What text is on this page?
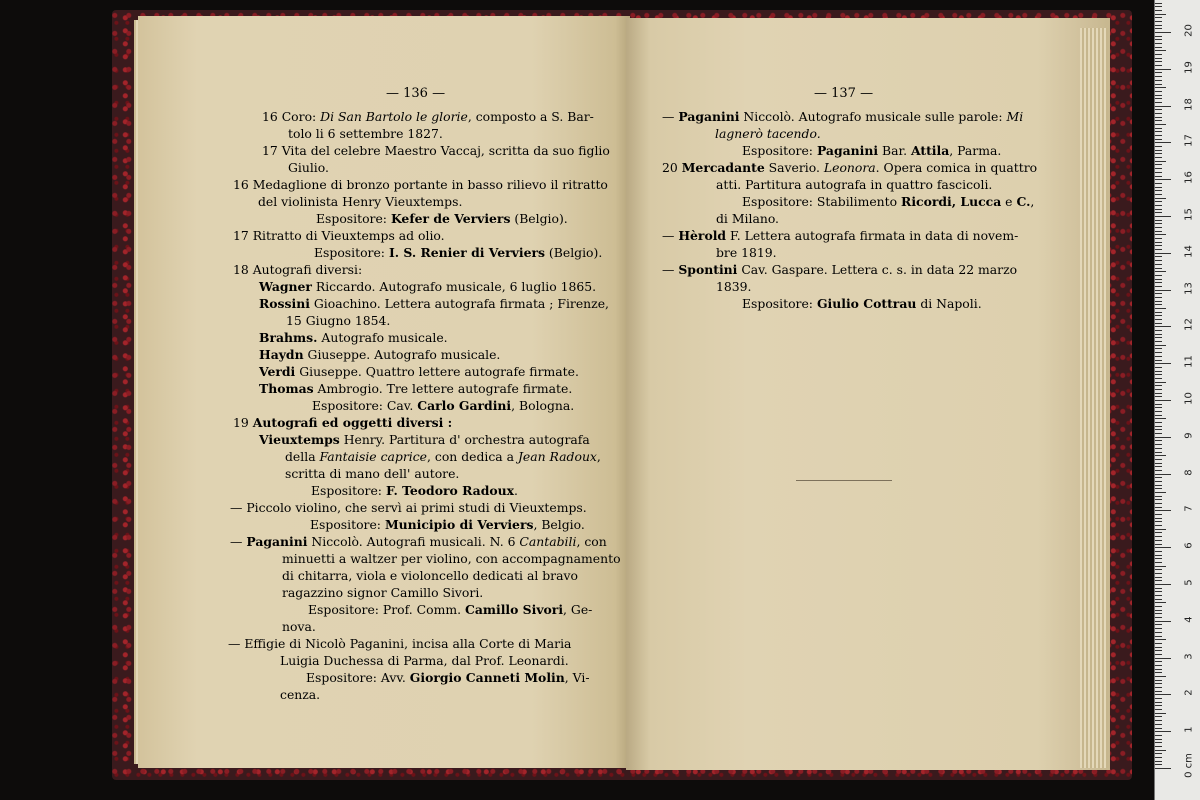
— 136 —	— 137 —
16 Coro: Di San Bartolo le glorie, composto a S. Bar-
tolo li 6 settembre 1827.
17 Vita del celebre Maestro Vaccaj, scritta da suo figlio
Giulio.
16 Medaglione di bronzo portante in basso rilievo il ritratto
del violinista Henry Vieuxtemps.
Espositore: Kefer de Verviers (Belgio).
17 Ritratto di Vieuxtemps ad olio.
Espositore: I. S. Renier di Verviers (Belgio).
18 Autografi diversi:
Wagner Riccardo. Autografo musicale, 6 luglio 1865.
Rossini Gioachino. Lettera autografa firmata ; Firenze,
15 Giugno 1854.
Brahms. Autografo musicale.
Haydn Giuseppe. Autografo musicale.
Verdi Giuseppe. Quattro lettere autografe firmate.
Thomas Ambrogio. Tre lettere autografe firmate.
Espositore: Cav. Carlo Gardini, Bologna.
19 Autografi ed oggetti diversi :
Vieuxtemps Henry. Partitura d' orchestra autografa
della Fantaisie caprice, con dedica a Jean Radoux,
scritta di mano dell' autore.
Espositore: F. Teodoro Radoux.
— Piccolo violino, che servì ai primi studi di Vieuxtemps.
Espositore: Municipio di Verviers, Belgio.
— Paganini Niccolò. Autografi musicali. N. 6 Cantabili, con
minuetti a waltzer per violino, con accompagnamento
di chitarra, viola e violoncello dedicati al bravo
ragazzino signor Camillo Sivori.
Espositore: Prof. Comm. Camillo Sivori, Ge-
nova.
— Effigie di Nicolò Paganini, incisa alla Corte di Maria
Luigia Duchessa di Parma, dal Prof. Leonardi.
Espositore: Avv. Giorgio Canneti Molin, Vi-
cenza.
— Paganini Niccolò. Autografo musicale sulle parole: Mi
lagnerò tacendo.
Espositore: Paganini Bar. Attila, Parma.
20 Mercadante Saverio. Leonora. Opera comica in quattro
atti. Partitura autografa in quattro fascicoli.
Espositore: Stabilimento Ricordi, Lucca e C.,
di Milano.
— Hèrold F. Lettera autografa firmata in data di novem-
bre 1819.
— Spontini Cav. Gaspare. Lettera c. s. in data 22 marzo
1839.
Espositore: Giulio Cottrau di Napoli.
0 cm
1
2
3
4
5
6
7
8
9
10
11
12
13
14
15
16
17
18
19
20
